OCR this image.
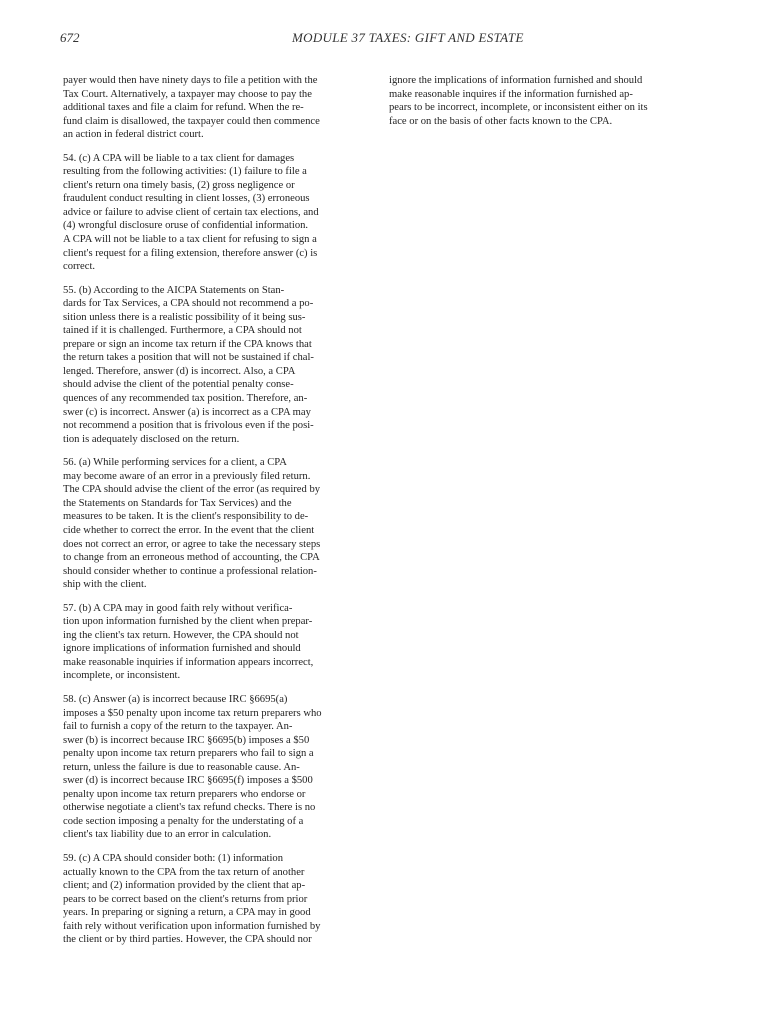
672	MODULE 37 TAXES: GIFT AND ESTATE

payer would then have ninety days to file a petition with the
Tax Court. Alternatively, a taxpayer may choose to pay the
additional taxes and file a claim for refund. When the re-
fund claim is disallowed, the taxpayer could then commence
an action in federal district court.

54. (c) A CPA will be liable to a tax client for damages
resulting from the following activities: (1) failure to file a
client's return ona timely basis, (2) gross negligence or
fraudulent conduct resulting in client losses, (3) erroneous
advice or failure to advise client of certain tax elections, and
(4) wrongful disclosure oruse of confidential information.
A CPA will not be liable to a tax client for refusing to sign a
client's request for a filing extension, therefore answer (c) is
correct.

55. (b) According to the AICPA Statements on Stan-
dards for Tax Services, a CPA should not recommend a po-
sition unless there is a realistic possibility of it being sus-
tained if it is challenged. Furthermore, a CPA should not
prepare or sign an income tax return if the CPA knows that
the return takes a position that will not be sustained if chal-
lenged. Therefore, answer (d) is incorrect. Also, a CPA
should advise the client of the potential penalty conse-
quences of any recommended tax position. Therefore, an-
swer (c) is incorrect. Answer (a) is incorrect as a CPA may
not recommend a position that is frivolous even if the posi-
tion is adequately disclosed on the return.

56. (a) While performing services for a client, a CPA
may become aware of an error in a previously filed return.
The CPA should advise the client of the error (as required by
the Statements on Standards for Tax Services) and the
measures to be taken. It is the client's responsibility to de-
cide whether to correct the error. In the event that the client
does not correct an error, or agree to take the necessary steps
to change from an erroneous method of accounting, the CPA
should consider whether to continue a professional relation-
ship with the client.

57. (b) A CPA may in good faith rely without verifica-
tion upon information furnished by the client when prepar-
ing the client's tax return. However, the CPA should not
ignore implications of information furnished and should
make reasonable inquiries if information appears incorrect,
incomplete, or inconsistent.

58. (c) Answer (a) is incorrect because IRC §6695(a)
imposes a $50 penalty upon income tax return preparers who
fail to furnish a copy of the return to the taxpayer. An-
swer (b) is incorrect because IRC §6695(b) imposes a $50
penalty upon income tax return preparers who fail to sign a
return, unless the failure is due to reasonable cause. An-
swer (d) is incorrect because IRC §6695(f) imposes a $500
penalty upon income tax return preparers who endorse or
otherwise negotiate a client's tax refund checks. There is no
code section imposing a penalty for the understating of a
client's tax liability due to an error in calculation.

59. (c) A CPA should consider both: (1) information
actually known to the CPA from the tax return of another
client; and (2) information provided by the client that ap-
pears to be correct based on the client's returns from prior
years. In preparing or signing a return, a CPA may in good
faith rely without verification upon information furnished by
the client or by third parties. However, the CPA should nor

ignore the implications of information furnished and should
make reasonable inquires if the information furnished ap-
pears to be incorrect, incomplete, or inconsistent either on its
face or on the basis of other facts known to the CPA.
